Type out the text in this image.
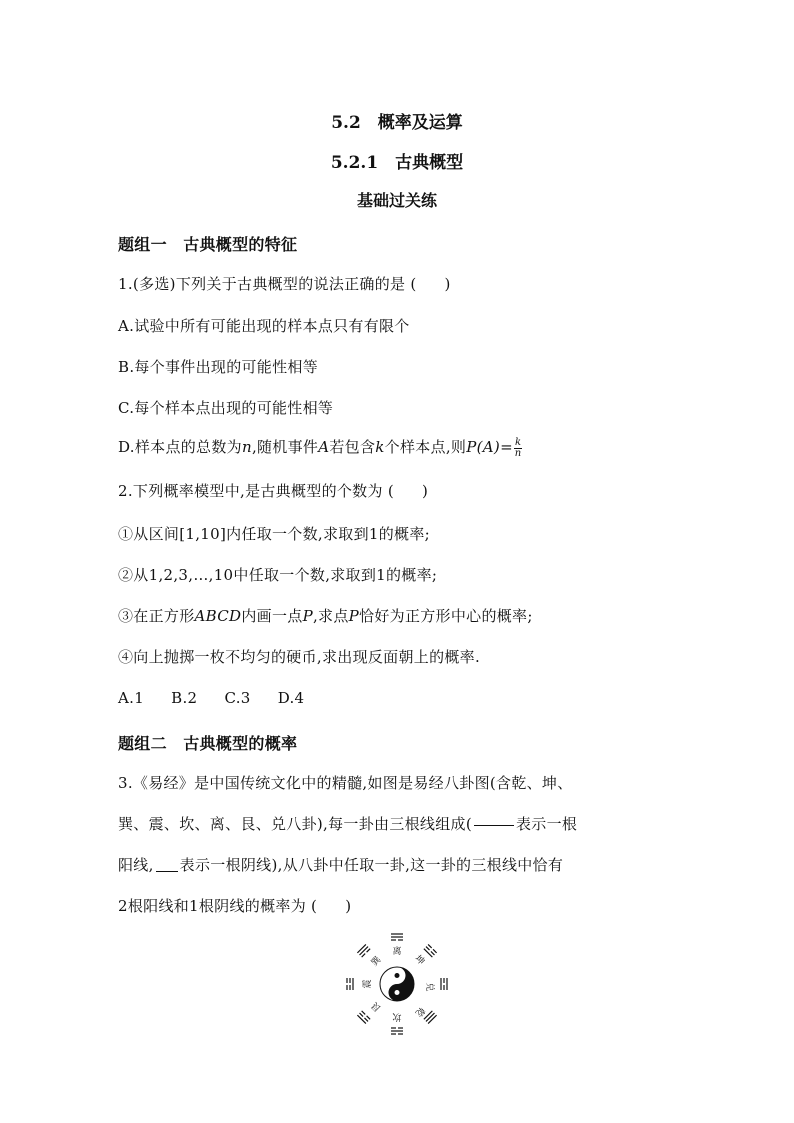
5.2　概率及运算
5.2.1　古典概型
基础过关练
题组一　古典概型的特征
1.(多选)下列关于古典概型的说法正确的是 ( )
A.试验中所有可能出现的样本点只有有限个
B.每个事件出现的可能性相等
C.每个样本点出现的可能性相等
D.样本点的总数为n,随机事件A若包含k个样本点,则$P(A)= \frac{k}{n}$
2.下列概率模型中,是古典概型的个数为 ( )
①从区间[1,10]内任取一个数,求取到1的概率;
②从1,2,3,…,10中任取一个数,求取到1的概率;
③在正方形ABCD内画一点P,求点P恰好为正方形中心的概率;
④向上抛掷一枚不均匀的硬币,求出现反面朝上的概率.
A.1 B.2 C.3 D.4
题组二　古典概型的概率
3.《易经》是中国传统文化中的精髓,如图是易经八卦图(含乾、坤、
巽、震、坎、离、艮、兑八卦),每一卦由三根线组成(	表示一根
阳线, 表示一根阴线),从八卦中任取一卦,这一卦的三根线中恰有
2根阳线和1根阴线的概率为 ( )
离
坤
兑
乾
坎
艮
震
巽
